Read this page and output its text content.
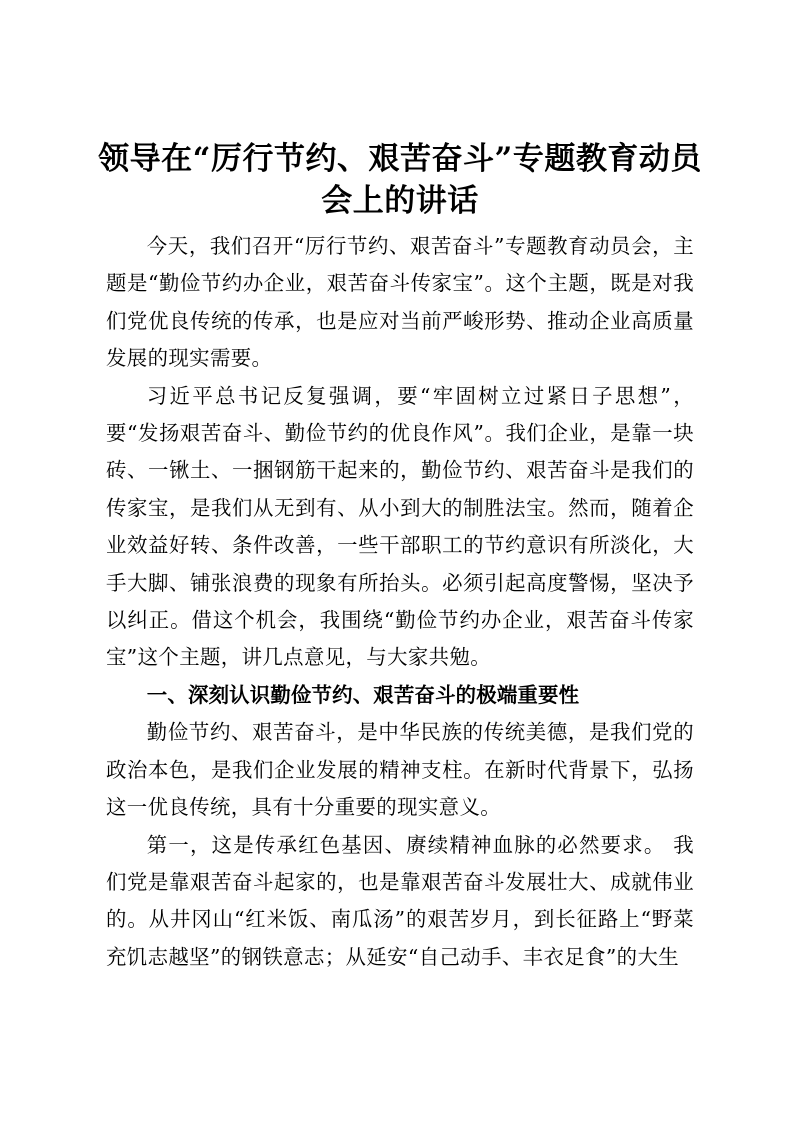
领导在“厉行节约、艰苦奋斗”专题教育动员会上的讲话

今天，我们召开“厉行节约、艰苦奋斗”专题教育动员会，主题是“勤俭节约办企业，艰苦奋斗传家宝”。这个主题，既是对我们党优良传统的传承，也是应对当前严峻形势、推动企业高质量发展的现实需要。

习近平总书记反复强调，要“牢固树立过紧日子思想”，要“发扬艰苦奋斗、勤俭节约的优良作风”。我们企业，是靠一块砖、一锹土、一捆钢筋干起来的，勤俭节约、艰苦奋斗是我们的传家宝，是我们从无到有、从小到大的制胜法宝。然而，随着企业效益好转、条件改善，一些干部职工的节约意识有所淡化，大手大脚、铺张浪费的现象有所抬头。必须引起高度警惕，坚决予以纠正。借这个机会，我围绕“勤俭节约办企业，艰苦奋斗传家宝”这个主题，讲几点意见，与大家共勉。

一、深刻认识勤俭节约、艰苦奋斗的极端重要性

勤俭节约、艰苦奋斗，是中华民族的传统美德，是我们党的政治本色，是我们企业发展的精神支柱。在新时代背景下，弘扬这一优良传统，具有十分重要的现实意义。

第一，这是传承红色基因、赓续精神血脉的必然要求。 我们党是靠艰苦奋斗起家的，也是靠艰苦奋斗发展壮大、成就伟业的。从井冈山“红米饭、南瓜汤”的艰苦岁月，到长征路上“野菜充饥志越坚”的钢铁意志；从延安“自己动手、丰衣足食”的大生
